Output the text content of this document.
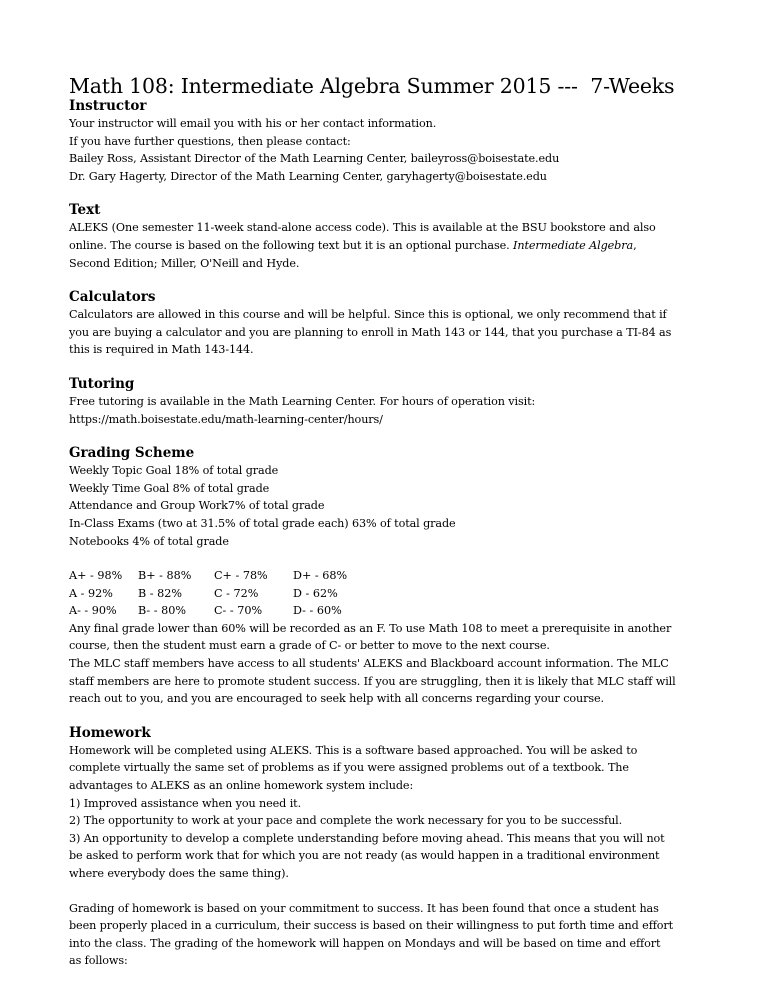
Math 108: Intermediate Algebra Summer 2015 ---  7-Weeks
Instructor

Your instructor will email you with his or her contact information.

If you have further questions, then please contact:

Bailey Ross, Assistant Director of the Math Learning Center, baileyross@boisestate.edu

Dr. Gary Hagerty, Director of the Math Learning Center, garyhagerty@boisestate.edu

Text

ALEKS (One semester 11-week stand-alone access code). This is available at the BSU bookstore and also

online. The course is based on the following text but it is an optional purchase. Intermediate Algebra,

Second Edition; Miller, O'Neill and Hyde.

Calculators

Calculators are allowed in this course and will be helpful. Since this is optional, we only recommend that if

you are buying a calculator and you are planning to enroll in Math 143 or 144, that you purchase a TI-84 as

this is required in Math 143-144.

Tutoring

Free tutoring is available in the Math Learning Center. For hours of operation visit:

https://math.boisestate.edu/math-learning-center/hours/

Grading Scheme

Weekly Topic Goal 18% of total grade

Weekly Time Goal 8% of total grade

Attendance and Group Work7% of total grade

In-Class Exams (two at 31.5% of total grade each) 63% of total grade

Notebooks 4% of total grade

A+ - 98% B+ - 88% C+ - 78% D+ - 68%
A - 92% B - 82%	C - 72%	D - 62%
A- - 90% B- - 80%	C- - 70%	D- - 60%

Any final grade lower than 60% will be recorded as an F. To use Math 108 to meet a prerequisite in another

course, then the student must earn a grade of C- or better to move to the next course.

The MLC staff members have access to all students' ALEKS and Blackboard account information. The MLC

staff members are here to promote student success. If you are struggling, then it is likely that MLC staff will

reach out to you, and you are encouraged to seek help with all concerns regarding your course.

Homework

Homework will be completed using ALEKS. This is a software based approached. You will be asked to

complete virtually the same set of problems as if you were assigned problems out of a textbook. The

advantages to ALEKS as an online homework system include:

1) Improved assistance when you need it.

2) The opportunity to work at your pace and complete the work necessary for you to be successful.

3) An opportunity to develop a complete understanding before moving ahead. This means that you will not

be asked to perform work that for which you are not ready (as would happen in a traditional environment

where everybody does the same thing).

Grading of homework is based on your commitment to success. It has been found that once a student has

been properly placed in a curriculum, their success is based on their willingness to put forth time and effort

into the class. The grading of the homework will happen on Mondays and will be based on time and effort

as follows:
